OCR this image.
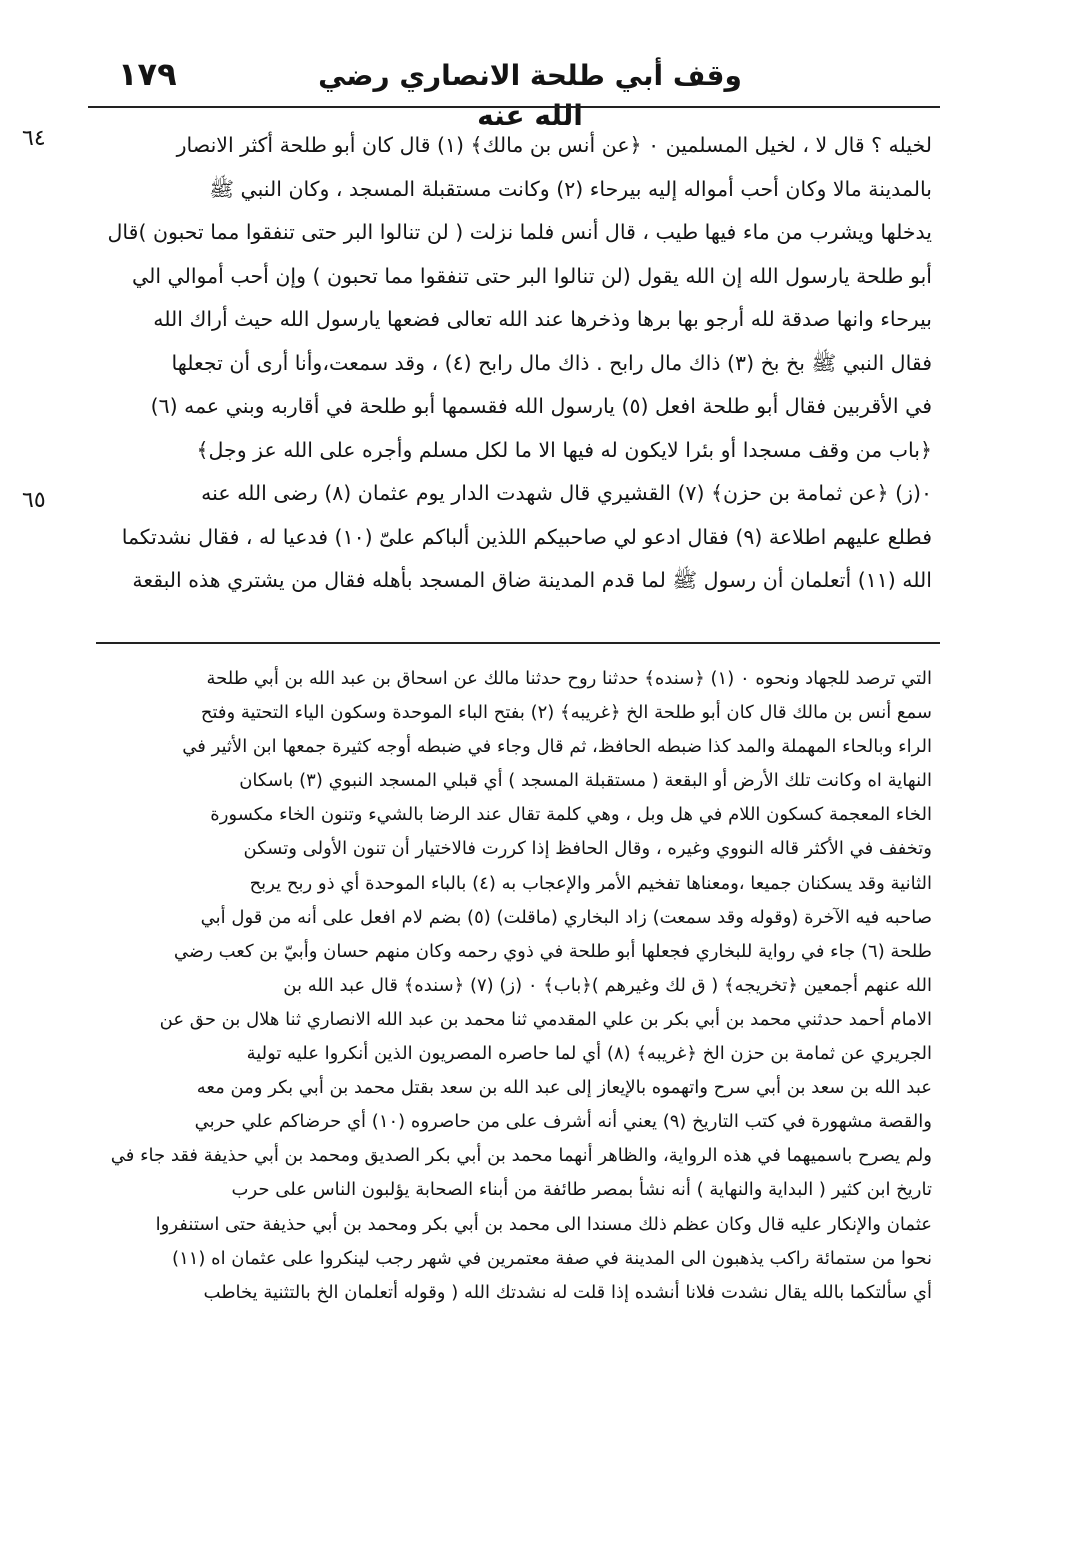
١٧٩	وقف أبي طلحة الانصاري رضي الله عنه
٦٤
٦٥
لخيله ؟ قال لا ، لخيل المسلمين ۰ ﴿عن أنس بن مالك﴾ (١) قال كان أبو طلحة أكثر الانصار
بالمدينة مالا وكان أحب أمواله إليه بيرحاء (٢) وكانت مستقبلة المسجد ، وكان النبي ﷺ
يدخلها ويشرب من ماء فيها طيب ، قال أنس فلما نزلت ( لن تنالوا البر حتى تنفقوا مما تحبون )قال
أبو طلحة يارسول الله إن الله يقول (لن تنالوا البر حتى تنفقوا مما تحبون ) وإن أحب أموالي الي
بيرحاء وانها صدقة لله أرجو بها برها وذخرها عند الله تعالى فضعها يارسول الله حيث أراك الله
فقال النبي ﷺ بخ بخ (٣) ذاك مال رابح . ذاك مال رابح (٤) ، وقد سمعت،وأنا أرى أن تجعلها
في الأقربين فقال أبو طلحة افعل (٥) يارسول الله فقسمها أبو طلحة في أقاربه وبني عمه (٦)
﴿باب من وقف مسجدا أو بئرا لايكون له فيها الا ما لكل مسلم وأجره على الله عز وجل﴾
۰(ز) ﴿عن ثمامة بن حزن﴾ (٧) القشيري قال شهدت الدار يوم عثمان (٨) رضى الله عنه
فطلع عليهم اطلاعة (٩) فقال ادعو لي صاحبيكم اللذين ألباكم علىّ (١٠) فدعيا له ، فقال نشدتكما
الله (١١) أتعلمان أن رسول ﷺ لما قدم المدينة ضاق المسجد بأهله فقال من يشتري هذه البقعة
التي ترصد للجهاد ونحوه ۰ (١) ﴿سنده﴾ حدثنا روح حدثنا مالك عن اسحاق بن عبد الله بن أبي طلحة
سمع أنس بن مالك قال كان أبو طلحة الخ ﴿غريبه﴾ (٢) بفتح الباء الموحدة وسكون الياء التحتية وفتح
الراء وبالحاء المهملة والمد كذا ضبطه الحافظ، ثم قال وجاء في ضبطه أوجه كثيرة جمعها ابن الأثير في
النهاية اه وكانت تلك الأرض أو البقعة ( مستقبلة المسجد ) أي قبلي المسجد النبوي (٣) باسكان
الخاء المعجمة كسكون اللام في هل وبل ، وهي كلمة تقال عند الرضا بالشيء وتنون الخاء مكسورة
وتخفف في الأكثر قاله النووي وغيره ، وقال الحافظ إذا كررت فالاختيار أن تنون الأولى وتسكن
الثانية وقد يسكنان جميعا ،ومعناها تفخيم الأمر والإعجاب به (٤) بالباء الموحدة أي ذو ربح يربح
صاحبه فيه الآخرة (وقوله وقد سمعت) زاد البخاري (ماقلت) (٥) بضم لام افعل على أنه من قول أبي
طلحة (٦) جاء في رواية للبخاري فجعلها أبو طلحة في ذوي رحمه وكان منهم حسان وأبيّ بن كعب رضي
الله عنهم أجمعين ﴿تخريجه﴾ ( ق لك وغيرهم )﴿باب﴾ ۰ (ز) (٧) ﴿سنده﴾ قال عبد الله بن
الامام أحمد حدثني محمد بن أبي بكر بن علي المقدمي ثنا محمد بن عبد الله الانصاري ثنا هلال بن حق عن
الجريري عن ثمامة بن حزن الخ ﴿غريبه﴾ (٨) أي لما حاصره المصريون الذين أنكروا عليه تولية
عبد الله بن سعد بن أبي سرح واتهموه بالإيعاز إلى عبد الله بن سعد بقتل محمد بن أبي بكر ومن معه
والقصة مشهورة في كتب التاريخ (٩) يعني أنه أشرف على من حاصروه (١٠) أي حرضاكم علي حربي
ولم يصرح باسميهما في هذه الرواية، والظاهر أنهما محمد بن أبي بكر الصديق ومحمد بن أبي حذيفة فقد جاء في
تاريخ ابن كثير ( البداية والنهاية ) أنه نشأ بمصر طائفة من أبناء الصحابة يؤلبون الناس على حرب
عثمان والإنكار عليه قال وكان عظم ذلك مسندا الى محمد بن أبي بكر ومحمد بن أبي حذيفة حتى استنفروا
نحوا من ستمائة راكب يذهبون الى المدينة في صفة معتمرين في شهر رجب لينكروا على عثمان اه (١١)
أي سألتكما بالله يقال نشدت فلانا أنشده إذا قلت له نشدتك الله ( وقوله أتعلمان الخ بالتثنية يخاطب
